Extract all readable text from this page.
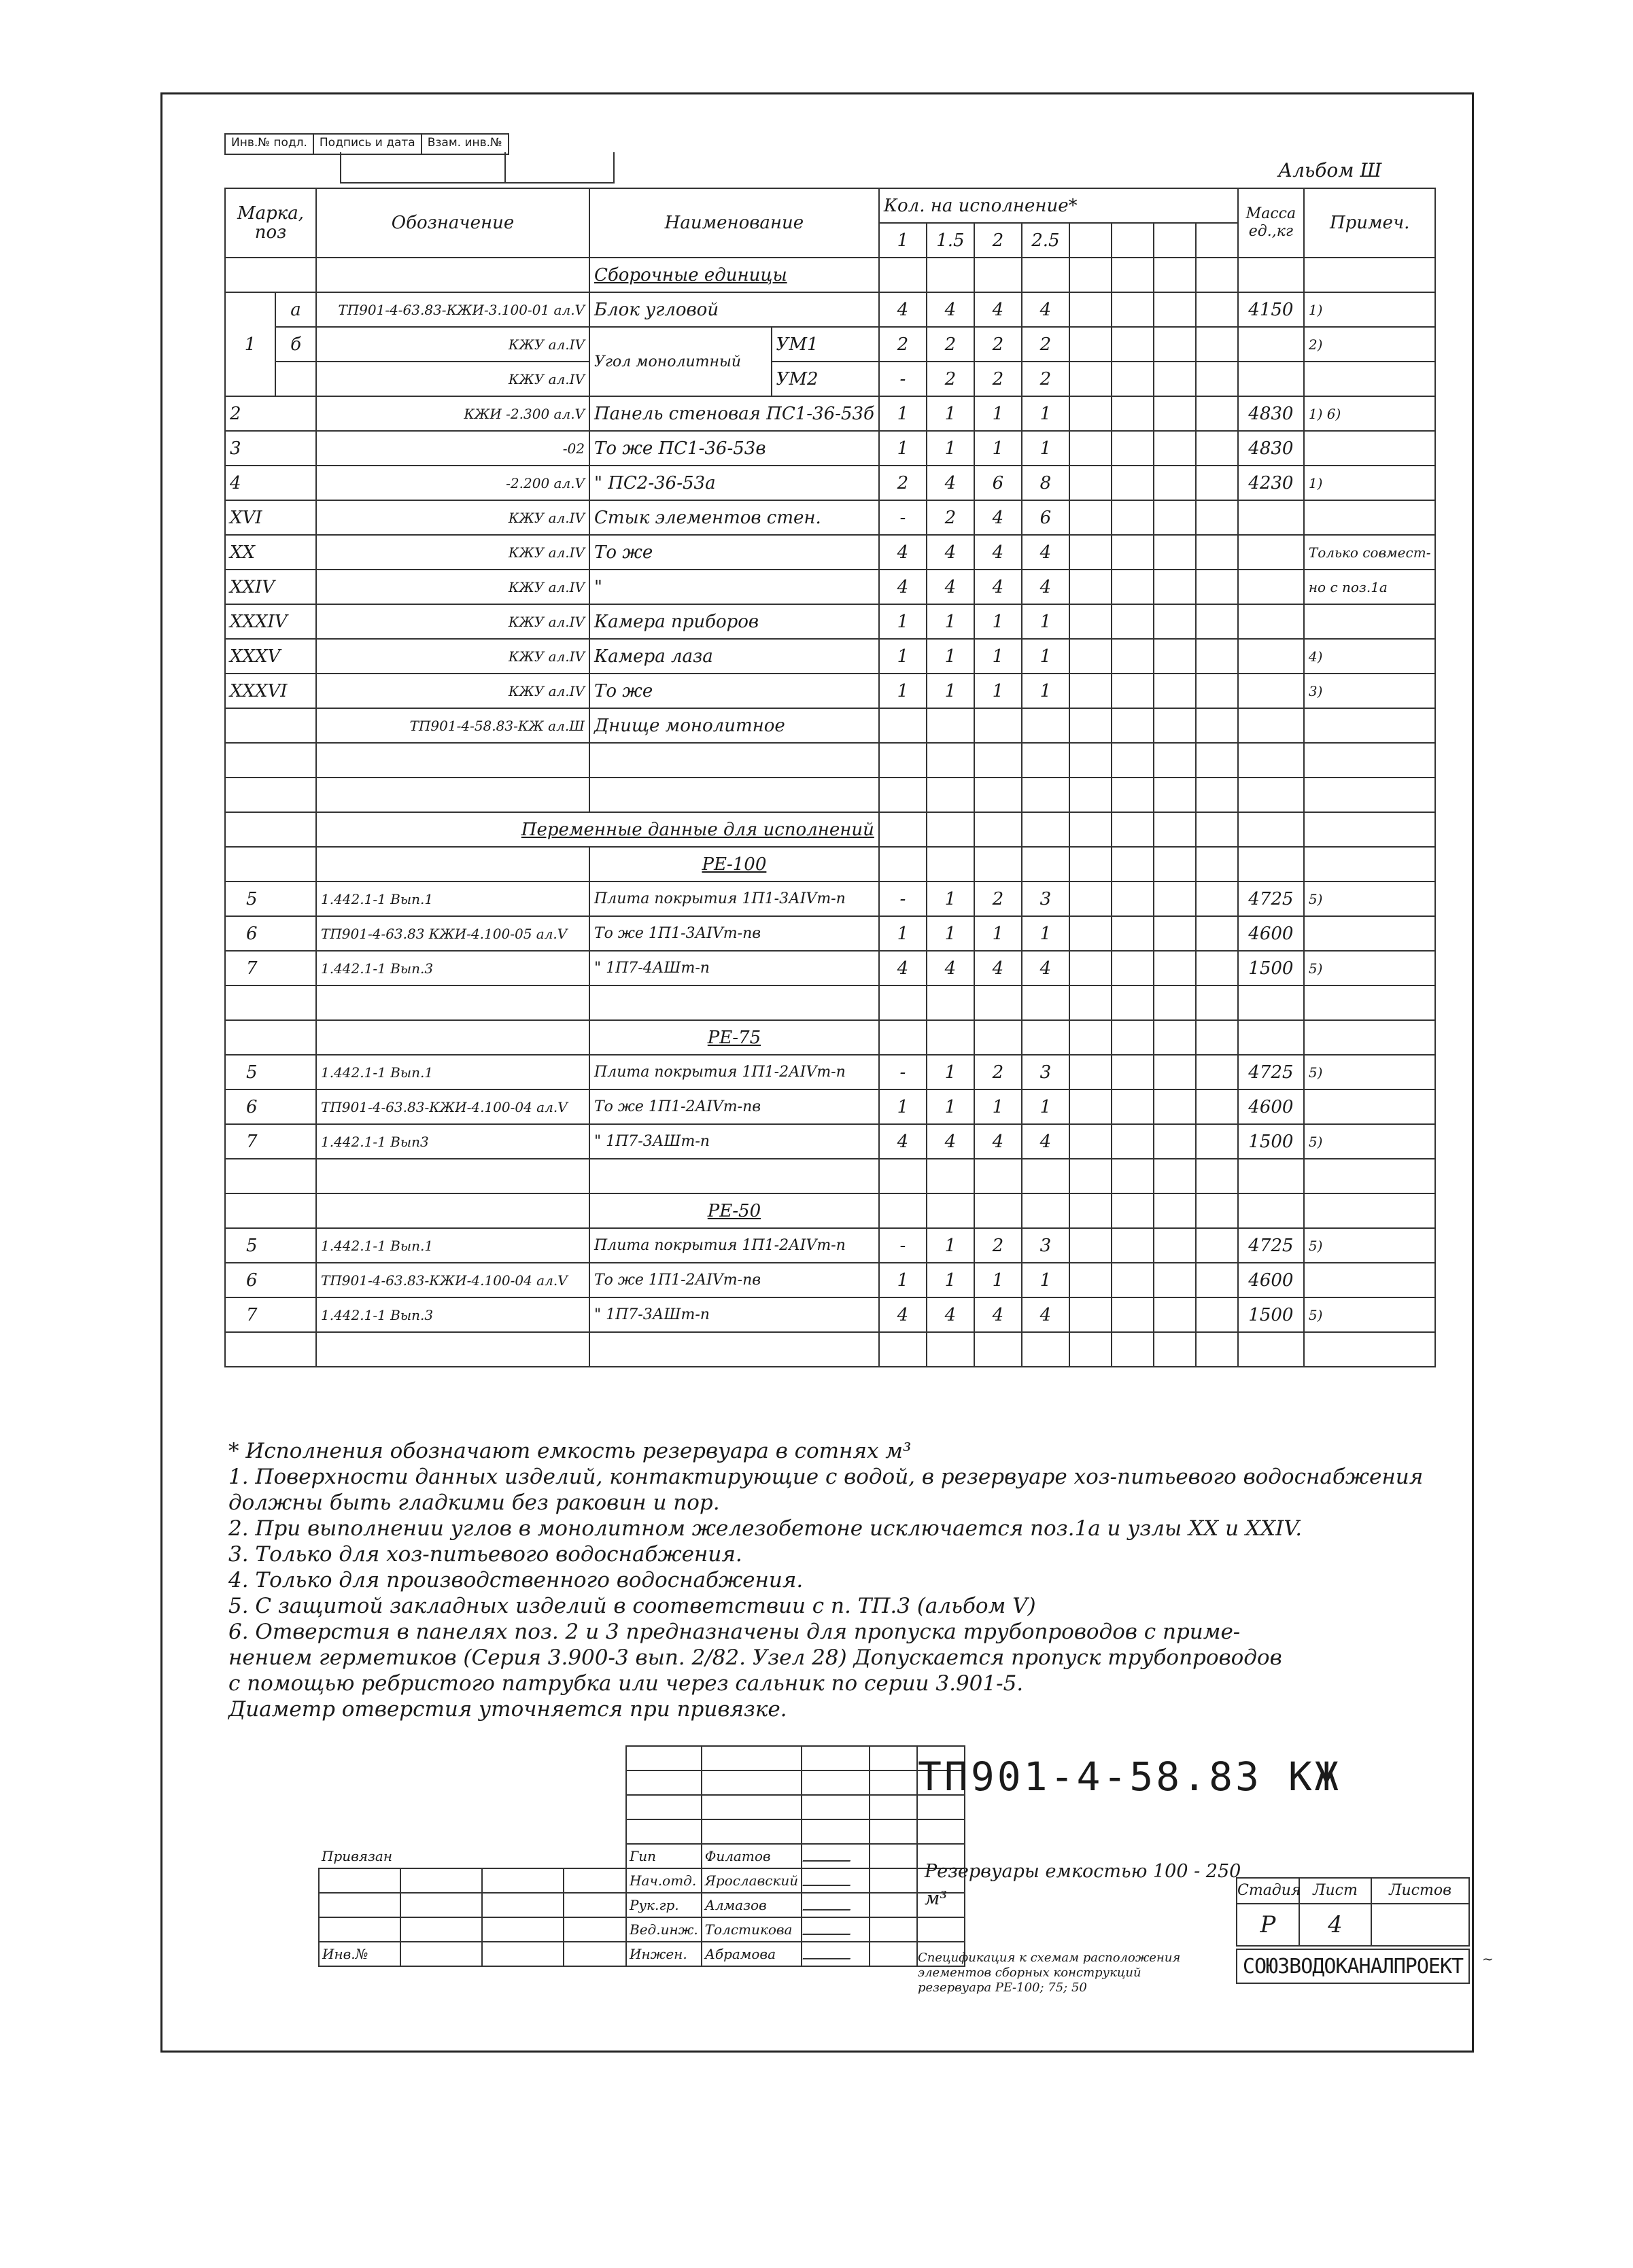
Инв.№ подл.	Подпись и дата	Взам. инв.№
Альбом Ш
Марка, поз		Обозначение	Наименование		Кол. на исполнение*								Масса ед.,кг	Примеч.
					1	1.5	2	2.5						
			Сборочные единицы											
1	а	ТП901-4-63.83-КЖИ-3.100-01 ал.V	Блок угловой		4	4	4	4					4150	1)
	б	КЖУ ал.IV	Угол монолитный	УМ1	2	2	2	2						2)
		КЖУ ал.IV		УМ2	-	2	2	2						
2		КЖИ -2.300 ал.V	Панель стеновая ПС1-36-53б		1	1	1	1					4830	1) 6)
3		-02	То же ПС1-36-53в		1	1	1	1					4830	
4		-2.200 ал.V	" ПС2-36-53а		2	4	6	8					4230	1)
XVI		КЖУ ал.IV	Стык элементов стен.		-	2	4	6						
XX		КЖУ ал.IV	То же		4	4	4	4						Только совмест-
XXIV		КЖУ ал.IV	"		4	4	4	4						но с поз.1а
XXXIV		КЖУ ал.IV	Камера приборов		1	1	1	1						
XXXV		КЖУ ал.IV	Камера лаза		1	1	1	1						4)
XXXVI		КЖУ ал.IV	То же		1	1	1	1						3)
		ТП901-4-58.83-КЖ ал.Ш	Днище монолитное											

		Переменные данные для исполнений												
			РЕ-100											
5		1.442.1-1 Вып.1	Плита покрытия 1П1-3АIVт-п		-	1	2	3					4725	5)
6		ТП901-4-63.83 КЖИ-4.100-05 ал.V	То же 1П1-3АIVт-пв		1	1	1	1					4600	
7		1.442.1-1 Вып.3	" 1П7-4АШт-п		4	4	4	4					1500	5)

			РЕ-75											
5		1.442.1-1 Вып.1	Плита покрытия 1П1-2АIVт-п		-	1	2	3					4725	5)
6		ТП901-4-63.83-КЖИ-4.100-04 ал.V	То же 1П1-2АIVт-пв		1	1	1	1					4600	
7		1.442.1-1 Вып3	" 1П7-3АШт-п		4	4	4	4					1500	5)

			РЕ-50											
5		1.442.1-1 Вып.1	Плита покрытия 1П1-2АIVт-п		-	1	2	3					4725	5)
6		ТП901-4-63.83-КЖИ-4.100-04 ал.V	То же 1П1-2АIVт-пв		1	1	1	1					4600	
7		1.442.1-1 Вып.3	" 1П7-3АШт-п		4	4	4	4					1500	5)

* Исполнения обозначают емкость резервуара в сотнях м³
1. Поверхности данных изделий, контактирующие с водой, в резервуаре хоз-питьевого водоснабжения
должны быть гладкими без раковин и пор.
2. При выполнении углов в монолитном железобетоне исключается поз.1а и узлы XX и XXIV.
3. Только для хоз-питьевого водоснабжения.
4. Только для производственного водоснабжения.
5. С защитой закладных изделий в соответствии с п. ТП.3 (альбом V)
6. Отверстия в панелях поз. 2 и 3 предназначены для пропуска трубопроводов с приме-
нением герметиков (Серия 3.900-3 вып. 2/82. Узел 28) Допускается пропуск трубопроводов
с помощью ребристого патрубка или через сальник по серии 3.901-5.
Диаметр отверстия уточняется при привязке.

Привязан				Гип	Филатов			
				Нач.отд.	Ярославский			
				Рук.гр.	Алмазов			
				Вед.инж.	Толстикова			
Инв.№				Инжен.	Абрамова			
ТП901-4-58.83 КЖ
Резервуары емкостью 100 - 250 м³
Спецификация к схемам расположения
элементов сборных конструкций
резервуара РЕ-100; 75; 50
Стадия Лист	Листов
Р	4
СОЮЗВОДОКАНАЛПРОЕКТ	~
